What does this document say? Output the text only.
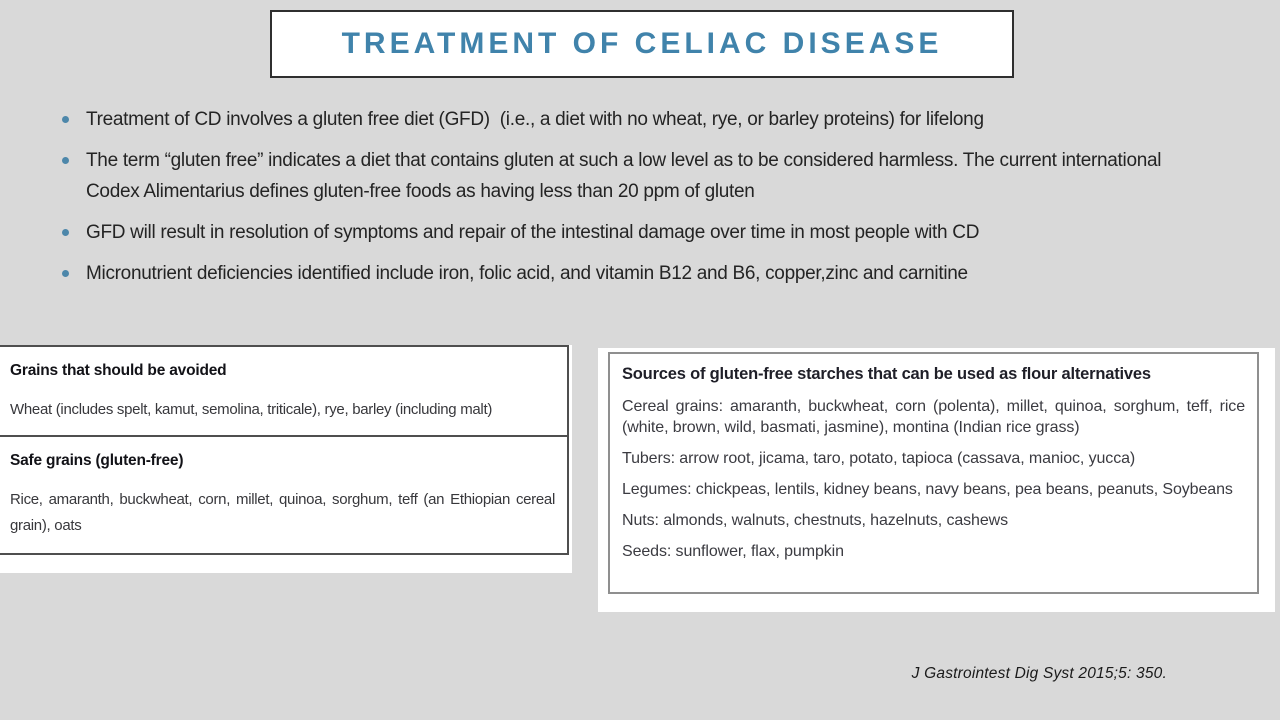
TREATMENT OF CELIAC DISEASE
Treatment of CD involves a gluten free diet (GFD)  (i.e., a diet with no wheat, rye, or barley proteins) for lifelong
The term “gluten free” indicates a diet that contains gluten at such a low level as to be considered harmless. The current international Codex Alimentarius defines gluten-free foods as having less than 20 ppm of gluten
GFD will result in resolution of symptoms and repair of the intestinal damage over time in most people with CD
Micronutrient deficiencies identified include iron, folic acid, and vitamin B12 and B6, copper,zinc and carnitine
Grains that should be avoided
Wheat (includes spelt, kamut, semolina, triticale), rye, barley (including malt)
Safe grains (gluten-free)
Rice, amaranth, buckwheat, corn, millet, quinoa, sorghum, teff (an Ethiopian cereal grain), oats
Sources of gluten-free starches that can be used as flour alternatives
Cereal grains: amaranth, buckwheat, corn (polenta), millet, quinoa, sorghum, teff, rice (white, brown, wild, basmati, jasmine), montina (Indian rice grass)
Tubers: arrow root, jicama, taro, potato, tapioca (cassava, manioc, yucca)
Legumes: chickpeas, lentils, kidney beans, navy beans, pea beans, peanuts, Soybeans
Nuts: almonds, walnuts, chestnuts, hazelnuts, cashews
Seeds: sunflower, flax, pumpkin
J Gastrointest Dig Syst 2015;5: 350.
